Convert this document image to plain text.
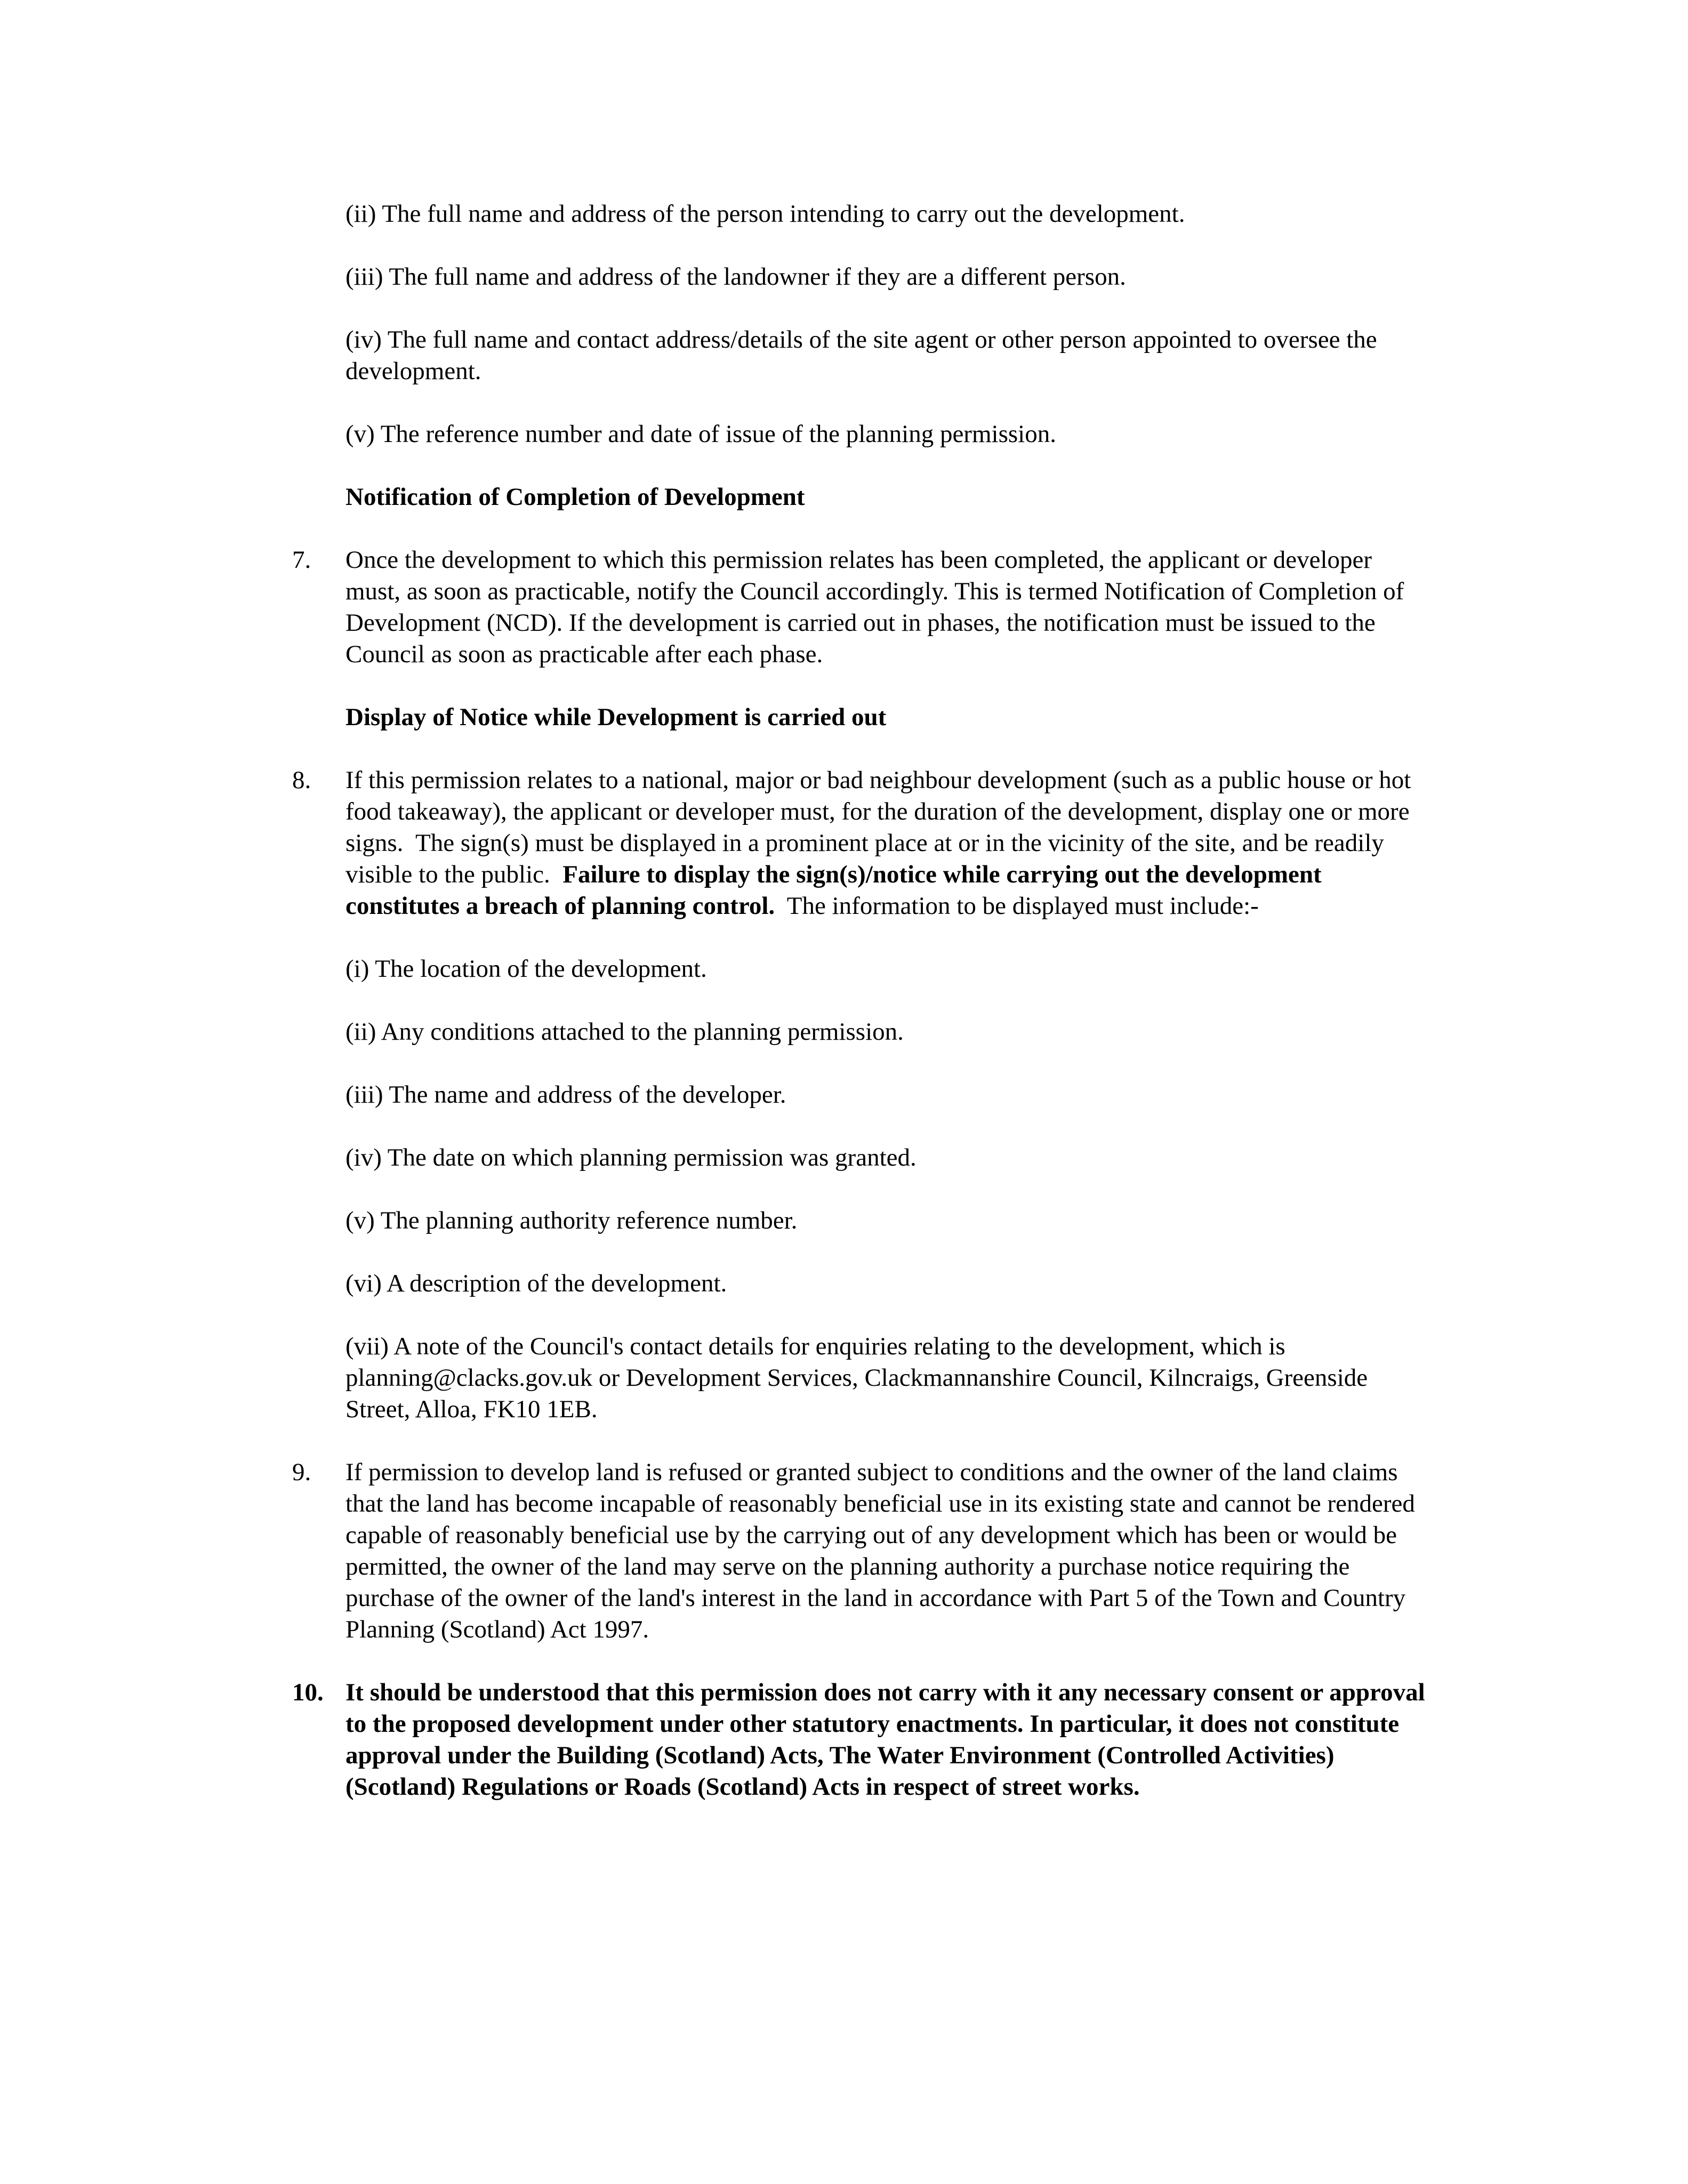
(ii) The full name and address of the person intending to carry out the development.

(iii) The full name and address of the landowner if they are a different person.

(iv) The full name and contact address/details of the site agent or other person appointed to oversee the development.

(v) The reference number and date of issue of the planning permission.

Notification of Completion of Development

7.	Once the development to which this permission relates has been completed, the applicant or developer must, as soon as practicable, notify the Council accordingly. This is termed Notification of Completion of Development (NCD). If the development is carried out in phases, the notification must be issued to the Council as soon as practicable after each phase.

Display of Notice while Development is carried out

8.	If this permission relates to a national, major or bad neighbour development (such as a public house or hot food takeaway), the applicant or developer must, for the duration of the development, display one or more signs.  The sign(s) must be displayed in a prominent place at or in the vicinity of the site, and be readily visible to the public.  Failure to display the sign(s)/notice while carrying out the development constitutes a breach of planning control.  The information to be displayed must include:-

(i) The location of the development.

(ii) Any conditions attached to the planning permission.

(iii) The name and address of the developer.

(iv) The date on which planning permission was granted.

(v) The planning authority reference number.

(vi) A description of the development.

(vii) A note of the Council's contact details for enquiries relating to the development, which is planning@clacks.gov.uk or Development Services, Clackmannanshire Council, Kilncraigs, Greenside Street, Alloa, FK10 1EB.

9.	If permission to develop land is refused or granted subject to conditions and the owner of the land claims that the land has become incapable of reasonably beneficial use in its existing state and cannot be rendered capable of reasonably beneficial use by the carrying out of any development which has been or would be permitted, the owner of the land may serve on the planning authority a purchase notice requiring the purchase of the owner of the land's interest in the land in accordance with Part 5 of the Town and Country Planning (Scotland) Act 1997.
10. It should be understood that this permission does not carry with it any necessary consent or approval to the proposed development under other statutory enactments. In particular, it does not constitute approval under the Building (Scotland) Acts, The Water Environment (Controlled Activities) (Scotland) Regulations or Roads (Scotland) Acts in respect of street works.
